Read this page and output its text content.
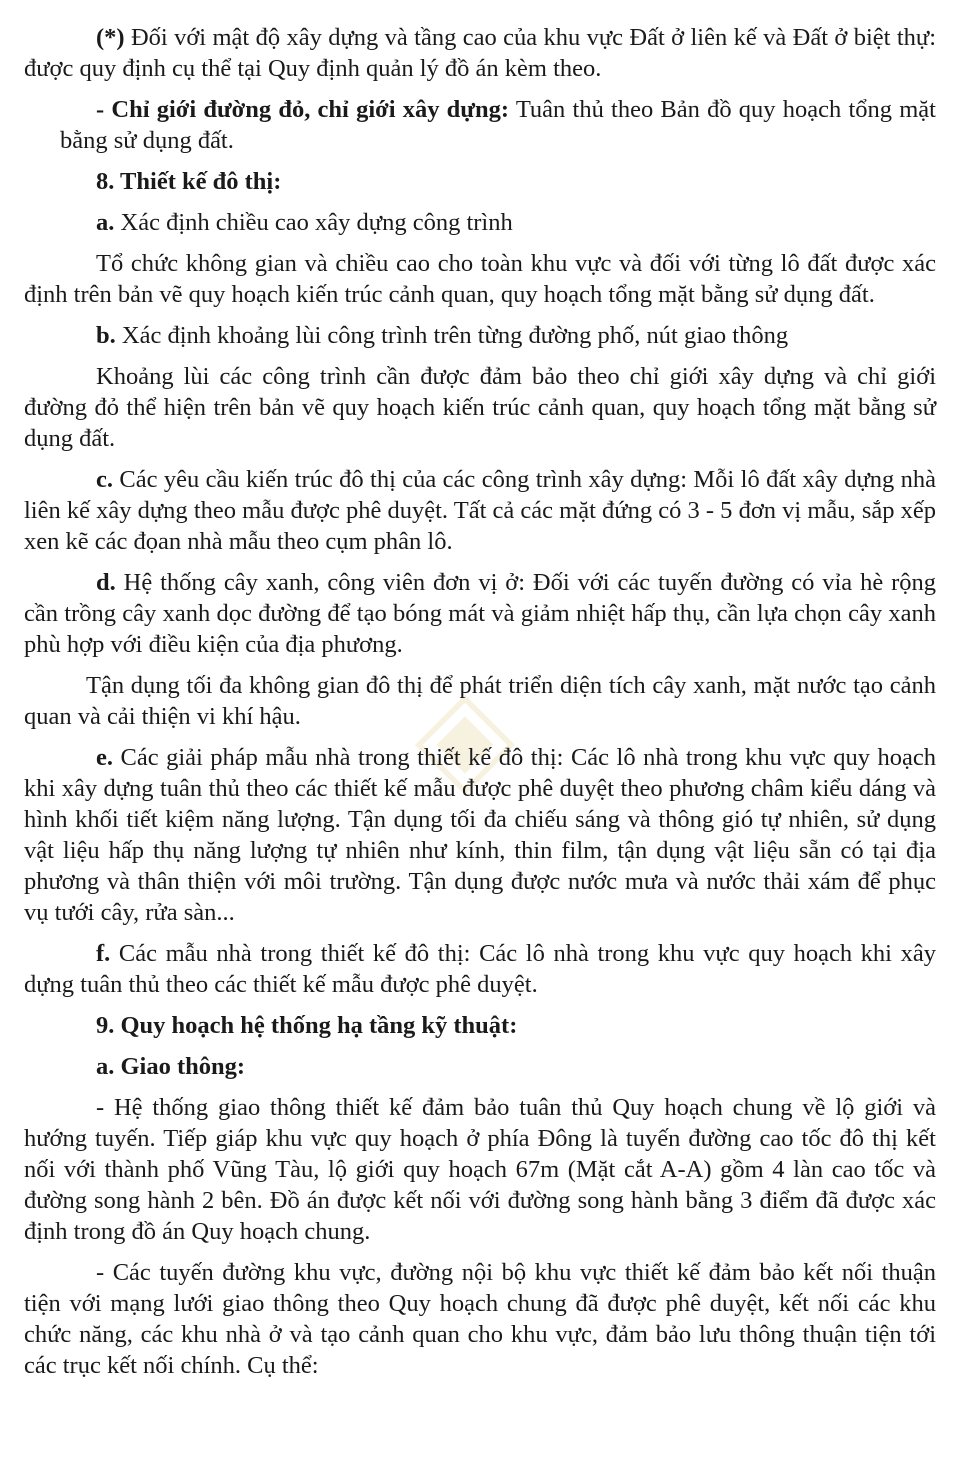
(*) Đối với mật độ xây dựng và tầng cao của khu vực Đất ở liên kế và Đất ở biệt thự: được quy định cụ thể tại Quy định quản lý đồ án kèm theo.

- Chỉ giới đường đỏ, chỉ giới xây dựng: Tuân thủ theo Bản đồ quy hoạch tổng mặt bằng sử dụng đất.

8. Thiết kế đô thị:
a. Xác định chiều cao xây dựng công trình

Tổ chức không gian và chiều cao cho toàn khu vực và đối với từng lô đất được xác định trên bản vẽ quy hoạch kiến trúc cảnh quan, quy hoạch tổng mặt bằng sử dụng đất.

b. Xác định khoảng lùi công trình trên từng đường phố, nút giao thông

Khoảng lùi các công trình cần được đảm bảo theo chỉ giới xây dựng và chỉ giới đường đỏ thể hiện trên bản vẽ quy hoạch kiến trúc cảnh quan, quy hoạch tổng mặt bằng sử dụng đất.

c. Các yêu cầu kiến trúc đô thị của các công trình xây dựng: Mỗi lô đất xây dựng nhà liên kế xây dựng theo mẫu được phê duyệt. Tất cả các mặt đứng có 3 - 5 đơn vị mẫu, sắp xếp xen kẽ các đọan nhà mẫu theo cụm phân lô.

d. Hệ thống cây xanh, công viên đơn vị ở: Đối với các tuyến đường có vỉa hè rộng cần trồng cây xanh dọc đường để tạo bóng mát và giảm nhiệt hấp thụ, cần lựa chọn cây xanh phù hợp với điều kiện của địa phương.

Tận dụng tối đa không gian đô thị để phát triển diện tích cây xanh, mặt nước tạo cảnh quan và cải thiện vi khí hậu.

e. Các giải pháp mẫu nhà trong thiết kế đô thị: Các lô nhà trong khu vực quy hoạch khi xây dựng tuân thủ theo các thiết kế mẫu được phê duyệt theo phương châm kiểu dáng và hình khối tiết kiệm năng lượng. Tận dụng tối đa chiếu sáng và thông gió tự nhiên, sử dụng vật liệu hấp thụ năng lượng tự nhiên như kính, thin film, tận dụng vật liệu sẵn có tại địa phương và thân thiện với môi trường. Tận dụng được nước mưa và nước thải xám để phục vụ tưới cây, rửa sàn...

f. Các mẫu nhà trong thiết kế đô thị: Các lô nhà trong khu vực quy hoạch khi xây dựng tuân thủ theo các thiết kế mẫu được phê duyệt.

9. Quy hoạch hệ thống hạ tầng kỹ thuật:
a. Giao thông:

- Hệ thống giao thông thiết kế đảm bảo tuân thủ Quy hoạch chung về lộ giới và hướng tuyến. Tiếp giáp khu vực quy hoạch ở phía Đông là tuyến đường cao tốc đô thị kết nối với thành phố Vũng Tàu, lộ giới quy hoạch 67m (Mặt cắt A-A) gồm 4 làn cao tốc và đường song hành 2 bên. Đồ án được kết nối với đường song hành bằng 3 điểm đã được xác định trong đồ án Quy hoạch chung.

- Các tuyến đường khu vực, đường nội bộ khu vực thiết kế đảm bảo kết nối thuận tiện với mạng lưới giao thông theo Quy hoạch chung đã được phê duyệt, kết nối các khu chức năng, các khu nhà ở và tạo cảnh quan cho khu vực, đảm bảo lưu thông thuận tiện tới các trục kết nối chính. Cụ thể:
